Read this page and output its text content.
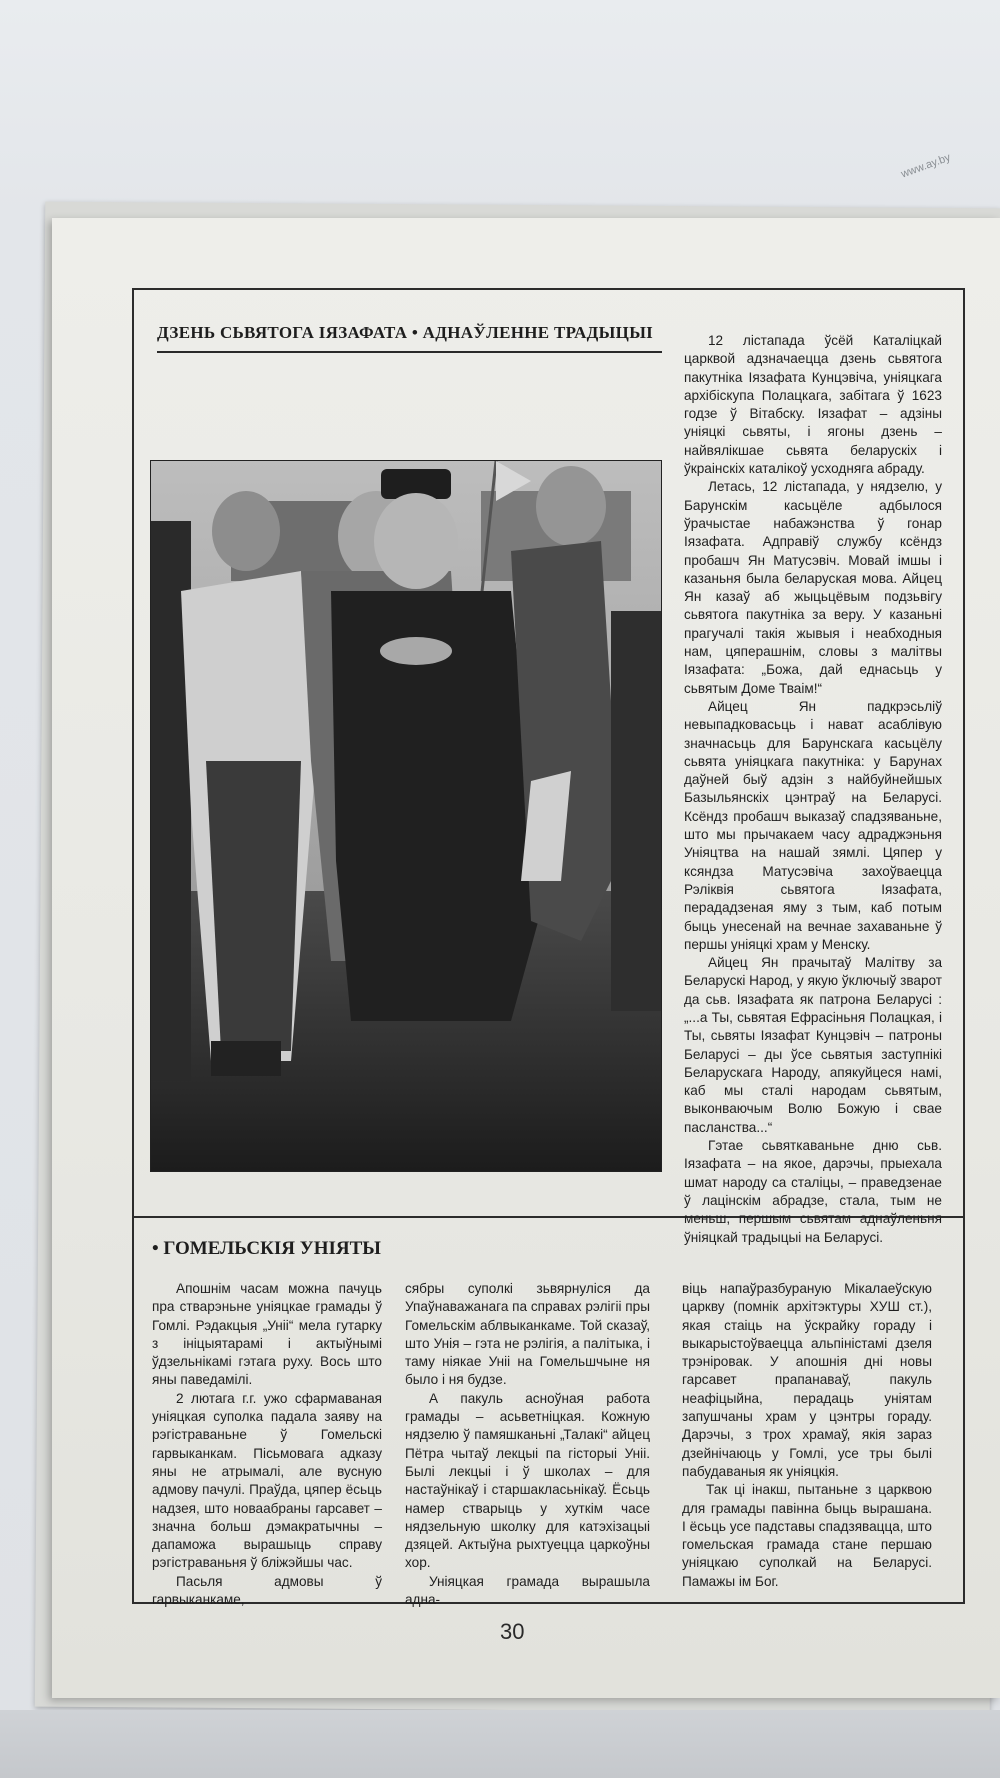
www.ay.by
ДЗЕНЬ СЬВЯТОГА ІЯЗАФАТА • АДНАЎЛЕННЕ ТРАДЫЦЫІ	12 лістапада ўсёй Каталіцкай царквой адзначаецца дзень сьвятога пакутніка Іязафата Кунцэвіча, уніяцкага архібіскупа Полацкага, забітага ў 1623 годзе ў Вітабску. Іязафат – адзіны уніяцкі сьвяты, і ягоны дзень – найвялікшае сьвята беларускіх і ўкраінскіх каталікоў усходняга абраду.

Летась, 12 лістапада, у нядзелю, у Барунскім касьцёле адбылося ўрачыстае набажэнства ў гонар Іязафата. Адправіў службу ксёндз пробашч Ян Матусэвіч. Мовай імшы і казаньня была беларуская мова. Айцец Ян казаў аб жыцьцёвым подзьвігу сьвятога пакутніка за веру. У казаньні прагучалі такія жывыя і неабходныя нам, цяперашнім, словы з малітвы Іязафата: „Божа, дай еднасьць у сьвятым Доме Тваім!“

Айцец Ян падкрэсьліў невыпадковасьць і нават асаблівую значнасьць для Барунскага касьцёлу сьвята уніяцкага пакутніка: у Барунах даўней быў адзін з найбуйнейшых Базыльянскіх цэнтраў на Беларусі. Ксёндз пробашч выказаў спадзяваньне, што мы прычакаем часу адраджэньня Уніяцтва на нашай зямлі. Цяпер у ксяндза Матусэвіча захоўваецца Рэліквія сьвятога Іязафата, перададзеная яму з тым, каб потым быць унесенай на вечнае захаваньне ў першы уніяцкі храм у Менску.

Айцец Ян прачытаў Малітву за Беларускі Народ, у якую ўключыў зварот да сьв. Іязафата як патрона Беларусі : „...а Ты, сьвятая Ефрасіньня Полацкая, і Ты, сьвяты Іязафат Кунцэвіч – патроны Беларусі – ды ўсе сьвятыя заступнікі Беларускага Народу, апякуйцеся намі, каб мы сталі народам сьвятым, выконваючым Волю Божую і свае пасланства...“

Гэтае сьвяткаваньне дню сьв. Іязафата – на якое, дарэчы, прыехала шмат народу са сталіцы, – праведзенае ў лацінскім абрадзе, стала, тым не меньш, першым сьвятам аднаўленьня ўніяцкай традыцыі на Беларусі.

• ГОМЕЛЬСКІЯ УНІЯТЫ

Апошнім часам можна пачуць пра стварэньне уніяцкае грамады ў Гомлі. Рэдакцыя „Уніі“ мела гутарку з ініцыятарамі і актыўнымі ўдзельнікамі гэтага руху. Вось што яны паведамілі.

2 лютага г.г. ужо сфармаваная уніяцкая суполка падала заяву на рэгістраваньне ў Гомельскі гарвыканкам. Пісьмовага адказу яны не атрымалі, але вусную адмову пачулі. Праўда, цяпер ёсьць надзея, што новаабраны гарсавет – значна больш дэмакратычны – дапаможа вырашыць справу рэгістраваньня ў бліжэйшы час.

Пасьля адмовы ў гарвыканкаме,

сябры суполкі зьвярнуліся да Упаўнаважанага па справах рэлігіі пры Гомельскім аблвыканкаме. Той сказаў, што Унія – гэта не рэлігія, а палітыка, і таму ніякае Уніі на Гомельшчыне ня было і ня будзе.

А пакуль асноўная работа грамады – асьветніцкая. Кожную нядзелю ў памяшканьні „Талакі“ айцец Пётра чытаў лекцыі па гісторыі Уніі. Былі лекцыі і ў школах – для настаўнікаў і старшакласьнікаў. Ёсьць намер стварыць у хуткім часе нядзельную школку для катэхізацыі дзяцей. Актыўна рыхтуецца царкоўны хор.

Уніяцкая грамада вырашыла адна-

віць напаўразбураную Мікалаеўскую царкву (помнік архітэктуры ХУШ ст.), якая стаіць на ўскрайку гораду і выкарыстоўваецца альпіністамі дзеля трэніровак. У апошнія дні новы гарсавет прапанаваў, пакуль неафіцыйна, перадаць уніятам запушчаны храм у цэнтры гораду. Дарэчы, з трох храмаў, якія зараз дзейнічаюць у Гомлі, усе тры былі пабудаваныя як уніяцкія.

Так ці інакш, пытаньне з царквою для грамады павінна быць вырашана. І ёсьць усе падставы спадзявацца, што гомельская грамада стане першаю уніяцкаю суполкай на Беларусі. Памажы ім Бог.

30
